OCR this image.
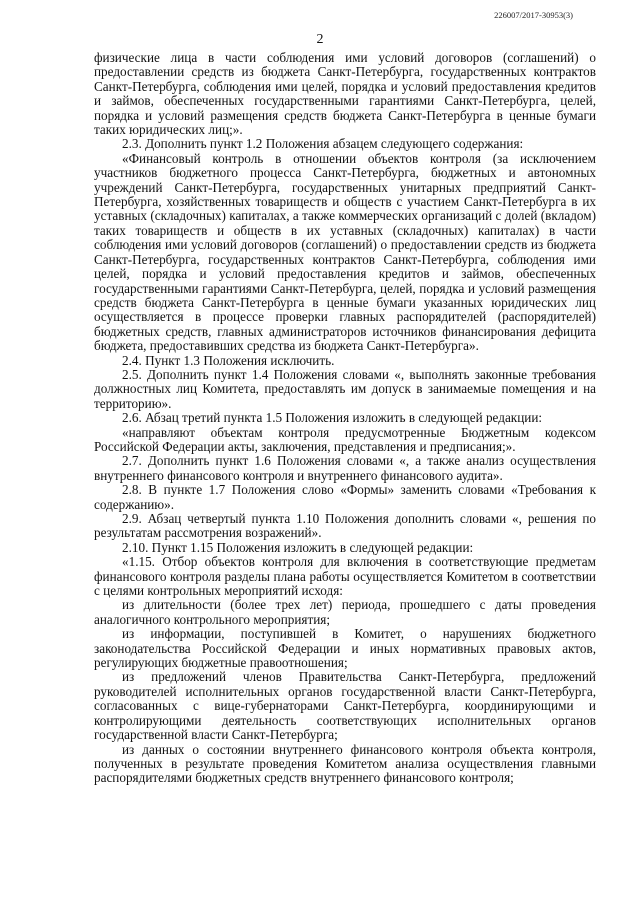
226007/2017-30953(3)
2

физические лица в части соблюдения ими условий договоров (соглашений) о предоставлении средств из бюджета Санкт-Петербурга, государственных контрактов Санкт-Петербурга, соблюдения ими целей, порядка и условий предоставления кредитов и займов, обеспеченных государственными гарантиями Санкт-Петербурга, целей, порядка и условий размещения средств бюджета Санкт-Петербурга в ценные бумаги таких юридических лиц;».

2.3. Дополнить пункт 1.2 Положения абзацем следующего содержания:

«Финансовый контроль в отношении объектов контроля (за исключением участников бюджетного процесса Санкт-Петербурга, бюджетных и автономных учреждений Санкт-Петербурга, государственных унитарных предприятий Санкт-Петербурга, хозяйственных товариществ и обществ с участием Санкт-Петербурга в их уставных (складочных) капиталах, а также коммерческих организаций с долей (вкладом) таких товариществ и обществ в их уставных (складочных) капиталах) в части соблюдения ими условий договоров (соглашений) о предоставлении средств из бюджета Санкт-Петербурга, государственных контрактов Санкт-Петербурга, соблюдения ими целей, порядка и условий предоставления кредитов и займов, обеспеченных государственными гарантиями Санкт-Петербурга, целей, порядка и условий размещения средств бюджета Санкт-Петербурга в ценные бумаги указанных юридических лиц осуществляется в процессе проверки главных распорядителей (распорядителей) бюджетных средств, главных администраторов источников финансирования дефицита бюджета, предоставивших средства из бюджета Санкт-Петербурга».

2.4. Пункт 1.3 Положения исключить.

2.5. Дополнить пункт 1.4 Положения словами «, выполнять законные требования должностных лиц Комитета, предоставлять им допуск в занимаемые помещения и на территорию».

2.6. Абзац третий пункта 1.5 Положения изложить в следующей редакции:

«направляют объектам контроля предусмотренные Бюджетным кодексом Российской Федерации акты, заключения, представления и предписания;».

2.7. Дополнить пункт 1.6 Положения словами «, а также анализ осуществления внутреннего финансового контроля и внутреннего финансового аудита».

2.8. В пункте 1.7 Положения слово «Формы» заменить словами «Требования к содержанию».

2.9. Абзац четвертый пункта 1.10 Положения дополнить словами «, решения по результатам рассмотрения возражений».

2.10. Пункт 1.15 Положения изложить в следующей редакции:

«1.15. Отбор объектов контроля для включения в соответствующие предметам финансового контроля разделы плана работы осуществляется Комитетом в соответствии с целями контрольных мероприятий исходя:

из длительности (более трех лет) периода, прошедшего с даты проведения аналогичного контрольного мероприятия;

из информации, поступившей в Комитет, о нарушениях бюджетного законодательства Российской Федерации и иных нормативных правовых актов, регулирующих бюджетные правоотношения;

из предложений членов Правительства Санкт-Петербурга, предложений руководителей исполнительных органов государственной власти Санкт-Петербурга, согласованных с вице-губернаторами Санкт-Петербурга, координирующими и контролирующими деятельность соответствующих исполнительных органов государственной власти Санкт-Петербурга;

из данных о состоянии внутреннего финансового контроля объекта контроля, полученных в результате проведения Комитетом анализа осуществления главными распорядителями бюджетных средств внутреннего финансового контроля;
